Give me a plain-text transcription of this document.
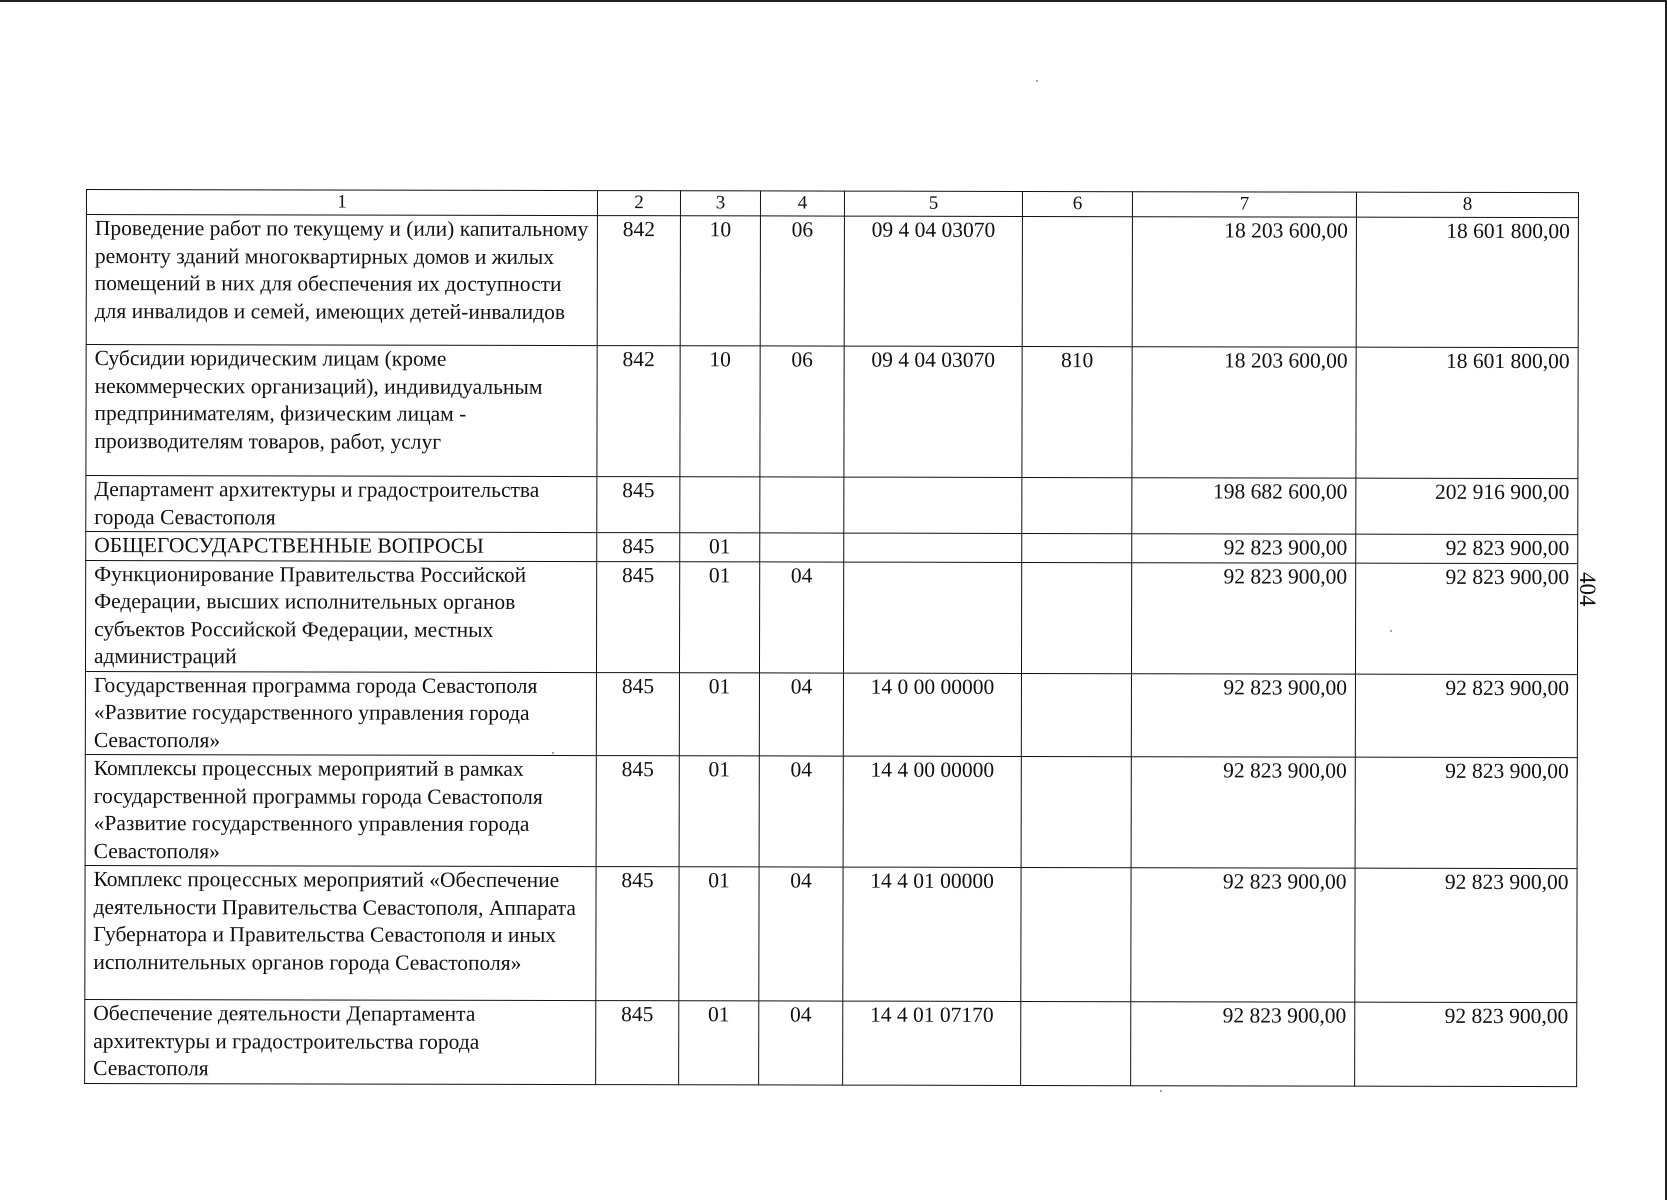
1	2	3	4	5	6	7	8
Проведение работ по текущему и (или) капитальному ремонту зданий многоквартирных домов и жилых помещений в них для обеспечения их доступности для инвалидов и семей, имеющих детей-инвалидов	842	10	06	09 4 04 03070		18 203 600,00	18 601 800,00
Субсидии юридическим лицам (кроме некоммерческих организаций), индивидуальным предпринимателям, физическим лицам - производителям товаров, работ, услуг	842	10	06	09 4 04 03070	810	18 203 600,00	18 601 800,00
Департамент архитектуры и градостроительства города Севастополя	845					198 682 600,00	202 916 900,00
ОБЩЕГОСУДАРСТВЕННЫЕ ВОПРОСЫ	845	01				92 823 900,00	92 823 900,00
Функционирование Правительства Российской Федерации, высших исполнительных органов субъектов Российской Федерации, местных администраций	845	01	04			92 823 900,00	92 823 900,00
Государственная программа города Севастополя «Развитие государственного управления города Севастополя»	845	01	04	14 0 00 00000		92 823 900,00	92 823 900,00
Комплексы процессных мероприятий в рамках государственной программы города Севастополя «Развитие государственного управления города Севастополя»	845	01	04	14 4 00 00000		92 823 900,00	92 823 900,00
Комплекс процессных мероприятий «Обеспечение деятельности Правительства Севастополя, Аппарата Губернатора и Правительства Севастополя и иных исполнительных органов города Севастополя»	845	01	04	14 4 01 00000		92 823 900,00	92 823 900,00
Обеспечение деятельности Департамента архитектуры и градостроительства города Севастополя	845	01	04	14 4 01 07170		92 823 900,00	92 823 900,00
404
